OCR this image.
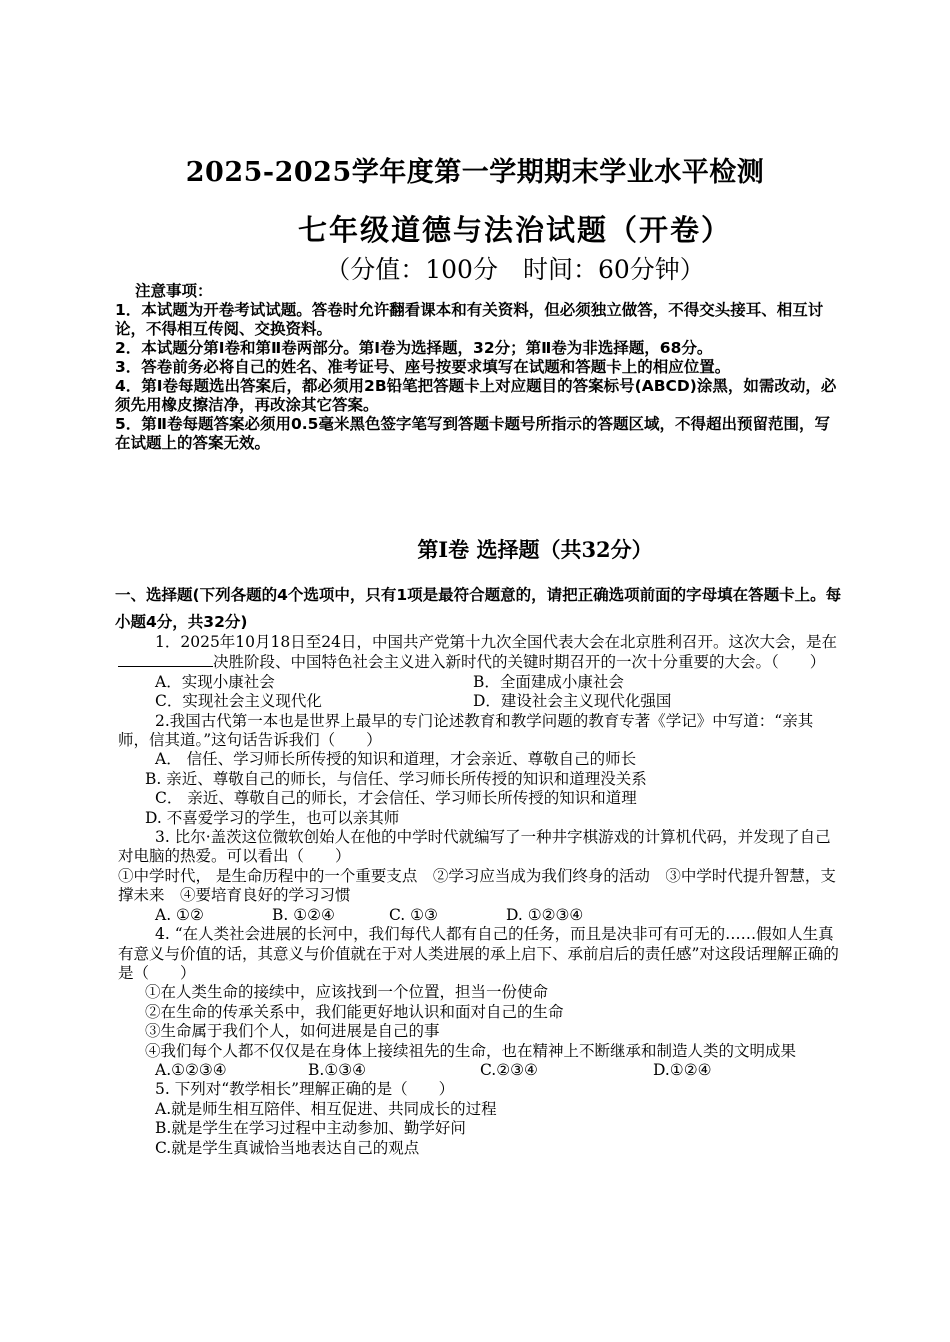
2025-2025学年度第一学期期末学业水平检测
七年级道德与法治试题（开卷）
（分值：100分　时间：60分钟）

注意事项：

1．本试题为开卷考试试题。答卷时允许翻看课本和有关资料，但必须独立做答，不得交头接耳、相互讨论，不得相互传阅、交换资料。

2．本试题分第Ⅰ卷和第Ⅱ卷两部分。第Ⅰ卷为选择题，32分；第Ⅱ卷为非选择题，68分。

3．答卷前务必将自己的姓名、准考证号、座号按要求填写在试题和答题卡上的相应位置。

4．第Ⅰ卷每题选出答案后，都必须用2B铅笔把答题卡上对应题目的答案标号(ABCD)涂黑，如需改动，必须先用橡皮擦洁净，再改涂其它答案。

5．第Ⅱ卷每题答案必须用0.5毫米黑色签字笔写到答题卡题号所指示的答题区域，不得超出预留范围，写在试题上的答案无效。

第Ⅰ卷 选择题（共32分）
一、选择题(下列各题的4个选项中，只有1项是最符合题意的，请把正确选项前面的字母填在答题卡上。每小题4分，共32分)

1．2025年10月18日至24日，中国共产党第十九次全国代表大会在北京胜利召开。这次大会，是在决胜阶段、中国特色社会主义进入新时代的关键时期召开的一次十分重要的大会。（　　）

A．实现小康社会	B．全面建成小康社会
C．实现社会主义现代化	D．建设社会主义现代化强国

2.我国古代第一本也是世界上最早的专门论述教育和教学问题的教育专著《学记》中写道：“亲其师，信其道。”这句话告诉我们（　　）

A． 信任、学习师长所传授的知识和道理，才会亲近、尊敬自己的师长

B. 亲近、尊敬自己的师长，与信任、学习师长所传授的知识和道理没关系

C． 亲近、尊敬自己的师长，才会信任、学习师长所传授的知识和道理

D. 不喜爱学习的学生，也可以亲其师

3. 比尔·盖茨这位微软创始人在他的中学时代就编写了一种井字棋游戏的计算机代码，并发现了自己对电脑的热爱。可以看出（　　）

①中学时代， 是生命历程中的一个重要支点　②学习应当成为我们终身的活动　③中学时代提升智慧，支撑未来　④要培育良好的学习习惯

A. ①②	B. ①②④	C. ①③	D. ①②③④

4. “在人类社会进展的长河中，我们每代人都有自己的任务，而且是决非可有可无的……假如人生真有意义与价值的话，其意义与价值就在于对人类进展的承上启下、承前启后的责任感”对这段话理解正确的是（　　）

①在人类生命的接续中，应该找到一个位置，担当一份使命

②在生命的传承关系中，我们能更好地认识和面对自己的生命

③生命属于我们个人，如何进展是自己的事

④我们每个人都不仅仅是在身体上接续祖先的生命，也在精神上不断继承和制造人类的文明成果

A.①②③④	B.①③④	C.②③④	D.①②④

5. 下列对“教学相长”理解正确的是（　　）

A.就是师生相互陪伴、相互促进、共同成长的过程

B.就是学生在学习过程中主动参加、勤学好问

C.就是学生真诚恰当地表达自己的观点
